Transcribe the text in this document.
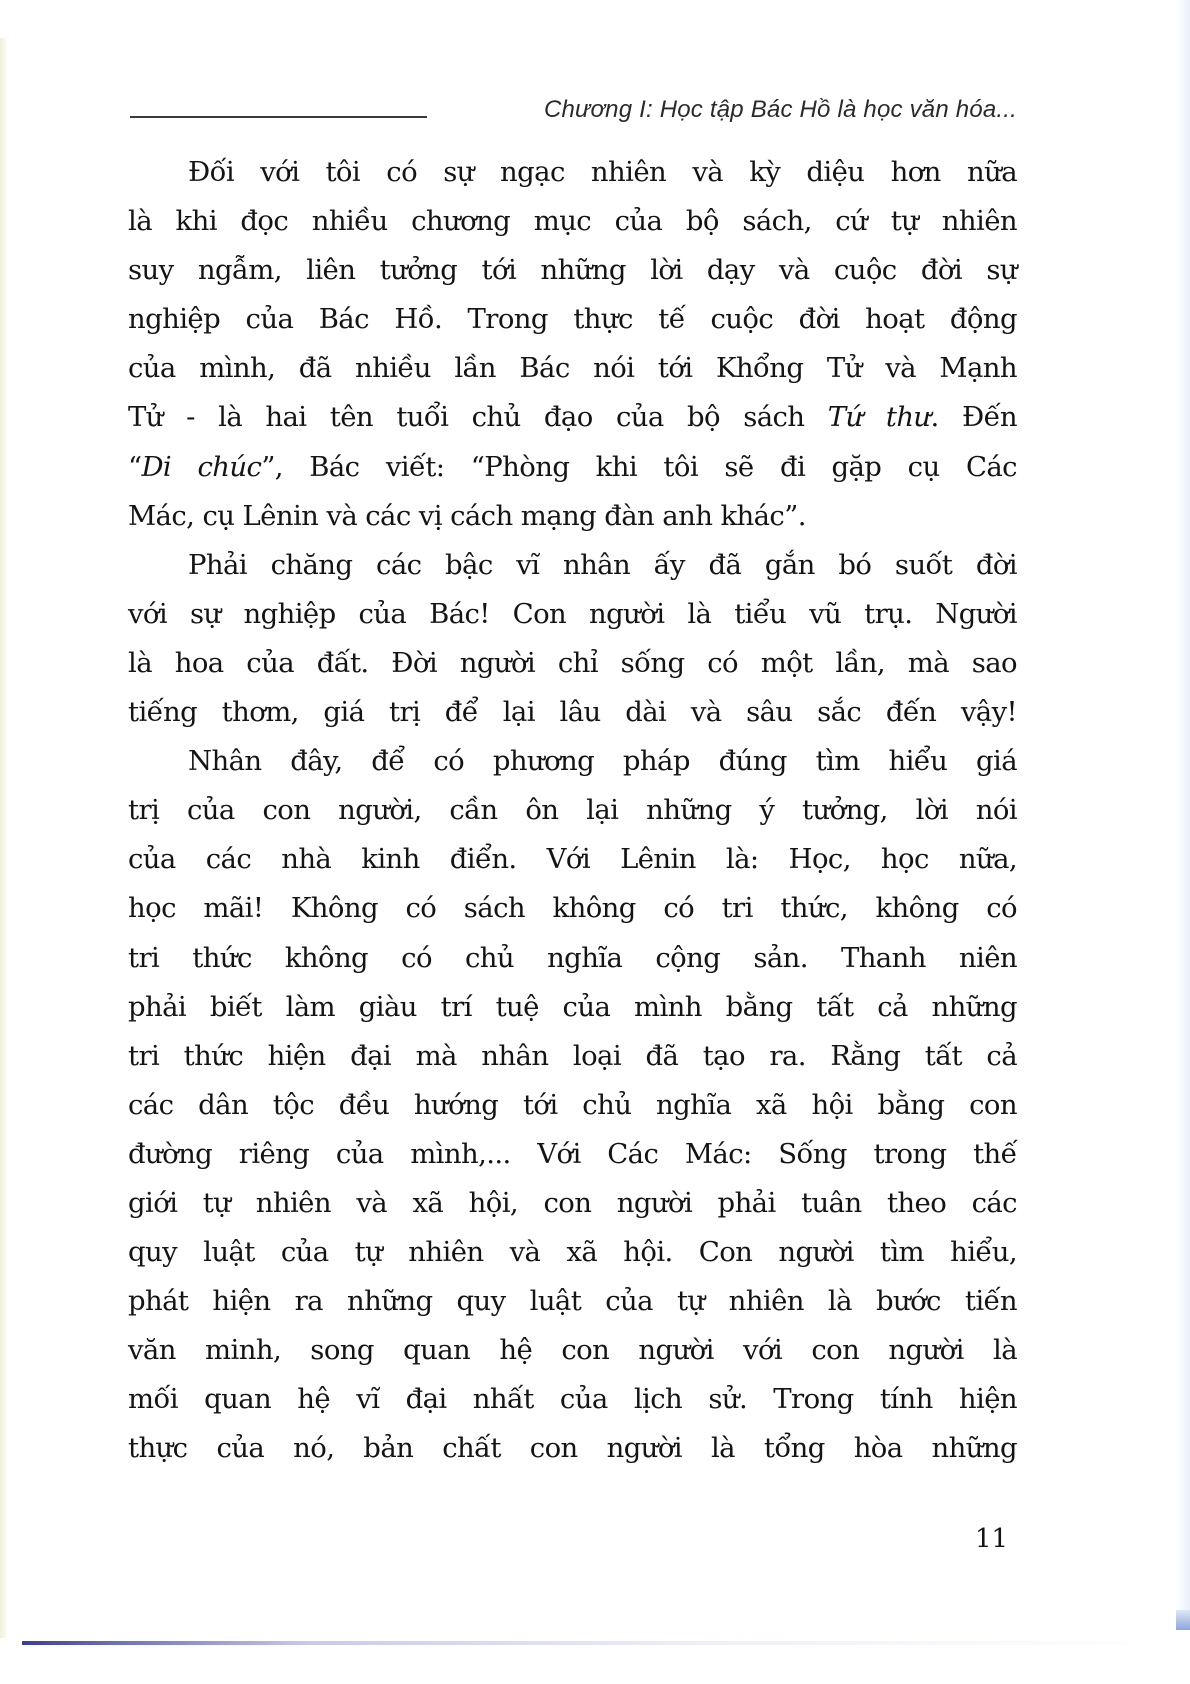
Chương I: Học tập Bác Hồ là học văn hóa...
Đối với tôi có sự ngạc nhiên và kỳ diệu hơn nữa
là khi đọc nhiều chương mục của bộ sách, cứ tự nhiên
suy ngẫm, liên tưởng tới những lời dạy và cuộc đời sự
nghiệp của Bác Hồ. Trong thực tế cuộc đời hoạt động
của mình, đã nhiều lần Bác nói tới Khổng Tử và Mạnh
Tử - là hai tên tuổi chủ đạo của bộ sách Tứ thư. Đến
“Di chúc”, Bác viết: “Phòng khi tôi sẽ đi gặp cụ Các
Mác, cụ Lênin và các vị cách mạng đàn anh khác”.
Phải chăng các bậc vĩ nhân ấy đã gắn bó suốt đời
với sự nghiệp của Bác! Con người là tiểu vũ trụ. Người
là hoa của đất. Đời người chỉ sống có một lần, mà sao
tiếng thơm, giá trị để lại lâu dài và sâu sắc đến vậy!
Nhân đây, để có phương pháp đúng tìm hiểu giá
trị của con người, cần ôn lại những ý tưởng, lời nói
của các nhà kinh điển. Với Lênin là: Học, học nữa,
học mãi! Không có sách không có tri thức, không có
tri thức không có chủ nghĩa cộng sản. Thanh niên
phải biết làm giàu trí tuệ của mình bằng tất cả những
tri thức hiện đại mà nhân loại đã tạo ra. Rằng tất cả
các dân tộc đều hướng tới chủ nghĩa xã hội bằng con
đường riêng của mình,... Với Các Mác: Sống trong thế
giới tự nhiên và xã hội, con người phải tuân theo các
quy luật của tự nhiên và xã hội. Con người tìm hiểu,
phát hiện ra những quy luật của tự nhiên là bước tiến
văn minh, song quan hệ con người với con người là
mối quan hệ vĩ đại nhất của lịch sử. Trong tính hiện
thực của nó, bản chất con người là tổng hòa những
11
